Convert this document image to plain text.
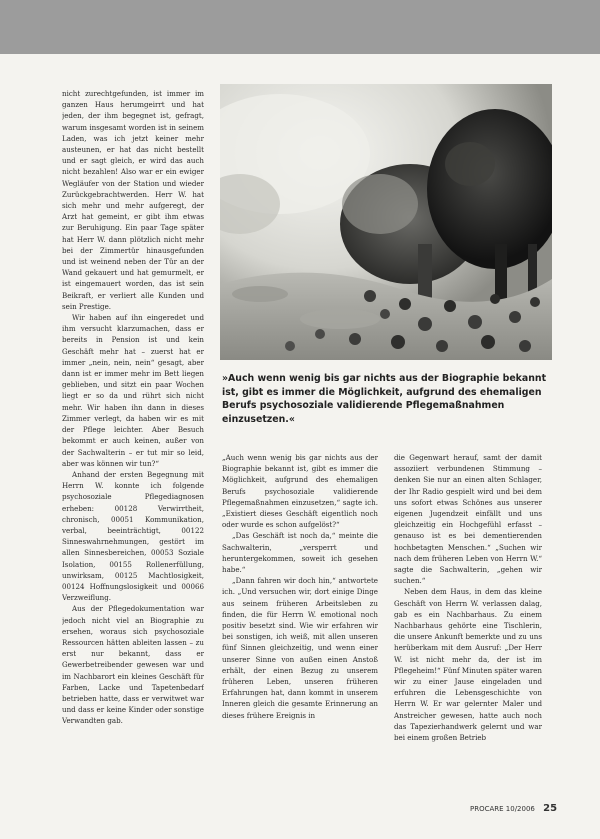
nicht zurechtgefunden, ist immer im ganzen Haus herumgeirrt und hat jeden, der ihm begegnet ist, gefragt, warum insgesamt worden ist in seinem Laden, was ich jetzt keiner mehr austeunen, er hat das nicht bestellt und er sagt gleich, er wird das auch nicht bezahlen! Also war er ein ewiger Wegläufer von der Station und wieder Zurückgebrachtwerden. Herr W. hat sich mehr und mehr aufgeregt, der Arzt hat gemeint, er gibt ihm etwas zur Beruhigung. Ein paar Tage später hat Herr W. dann plötzlich nicht mehr bei der Zimmertür hinausgefunden und ist weinend neben der Tür an der Wand gekauert und hat gemurmelt, er ist eingemauert worden, das ist sein Beikraft, er verliert alle Kunden und sein Prestige.

Wir haben auf ihn eingeredet und ihm versucht klarzumachen, dass er bereits in Pension ist und kein Geschäft mehr hat – zuerst hat er immer „nein, nein, nein“ gesagt, aber dann ist er immer mehr im Bett liegen geblieben, und sitzt ein paar Wochen liegt er so da und rührt sich nicht mehr. Wir haben ihn dann in dieses Zimmer verlegt, da haben wir es mit der Pflege leichter. Aber Besuch bekommt er auch keinen, außer von der Sachwalterin – er tut mir so leid, aber was können wir tun?“

Anhand der ersten Begegnung mit Herrn W. konnte ich folgende psychosoziale Pflegediagnosen erheben: 00128 Verwirrtheit, chronisch, 00051 Kommunikation, verbal, beeinträchtigt, 00122 Sinneswahrnehmungen, gestört im allen Sinnesbereichen, 00053 Soziale Isolation, 00155 Rollenerfüllung, unwirksam, 00125 Machtlosigkeit, 00124 Hoffnungslosigkeit und 00066 Verzweiflung.

Aus der Pflegedokumentation war jedoch nicht viel an Biographie zu ersehen, woraus sich psychosoziale Ressourcen hätten ableiten lassen – zu erst nur bekannt, dass er Gewerbetreibender gewesen war und im Nachbarort ein kleines Geschäft für Farben, Lacke und Tapetenbedarf betrieben hatte, dass er verwitwet war und dass er keine Kinder oder sonstige Verwandten gab.

»Auch wenn wenig bis gar nichts aus der Biographie bekannt ist, gibt es immer die Möglichkeit, aufgrund des ehemaligen Berufs psychosoziale validierende Pflegemaßnahmen einzusetzen.«

„Auch wenn wenig bis gar nichts aus der Biographie bekannt ist, gibt es immer die Möglichkeit, aufgrund des ehemaligen Berufs psychosoziale validierende Pflegemaßnahmen einzusetzen,“ sagte ich. „Existiert dieses Geschäft eigentlich noch oder wurde es schon aufgelöst?“

„Das Geschäft ist noch da,“ meinte die Sachwalterin, „versperrt und heruntergekommen, soweit ich gesehen habe.“

„Dann fahren wir doch hin,“ antwortete ich. „Und versuchen wir, dort einige Dinge aus seinem früheren Arbeitsleben zu finden, die für Herrn W. emotional noch positiv besetzt sind. Wie wir erfahren wir bei sonstigen, ich weiß, mit allen unseren fünf Sinnen gleichzeitig, und wenn einer unserer Sinne von außen einen Anstoß erhält, der einen Bezug zu unserem früheren Leben, unseren früheren Erfahrungen hat, dann kommt in unserem Inneren gleich die gesamte Erinnerung an dieses frühere Ereignis in

die Gegenwart herauf, samt der damit assoziiert verbundenen Stimmung – denken Sie nur an einen alten Schlager, der Ihr Radio gespielt wird und bei dem uns sofort etwas Schönes aus unserer eigenen Jugendzeit einfällt und uns gleichzeitig ein Hochgefühl erfasst – genauso ist es bei dementierenden hochbetagten Menschen.“ „Suchen wir nach dem früheren Leben von Herrn W.“ sagte die Sachwalterin, „gehen wir suchen.“

Neben dem Haus, in dem das kleine Geschäft von Herrn W. verlassen dalag, gab es ein Nachbarhaus. Zu einem Nachbarhaus gehörte eine Tischlerin, die unsere Ankunft bemerkte und zu uns herüberkam mit dem Ausruf: „Der Herr W. ist nicht mehr da, der ist im Pflegeheim!“ Fünf Minuten später waren wir zu einer Jause eingeladen und erfuhren die Lebensgeschichte von Herrn W. Er war gelernter Maler und Anstreicher gewesen, hatte auch noch das Tapezierhandwerk gelernt und war bei einem großen Betrieb

PROCARE 10/2006 25
